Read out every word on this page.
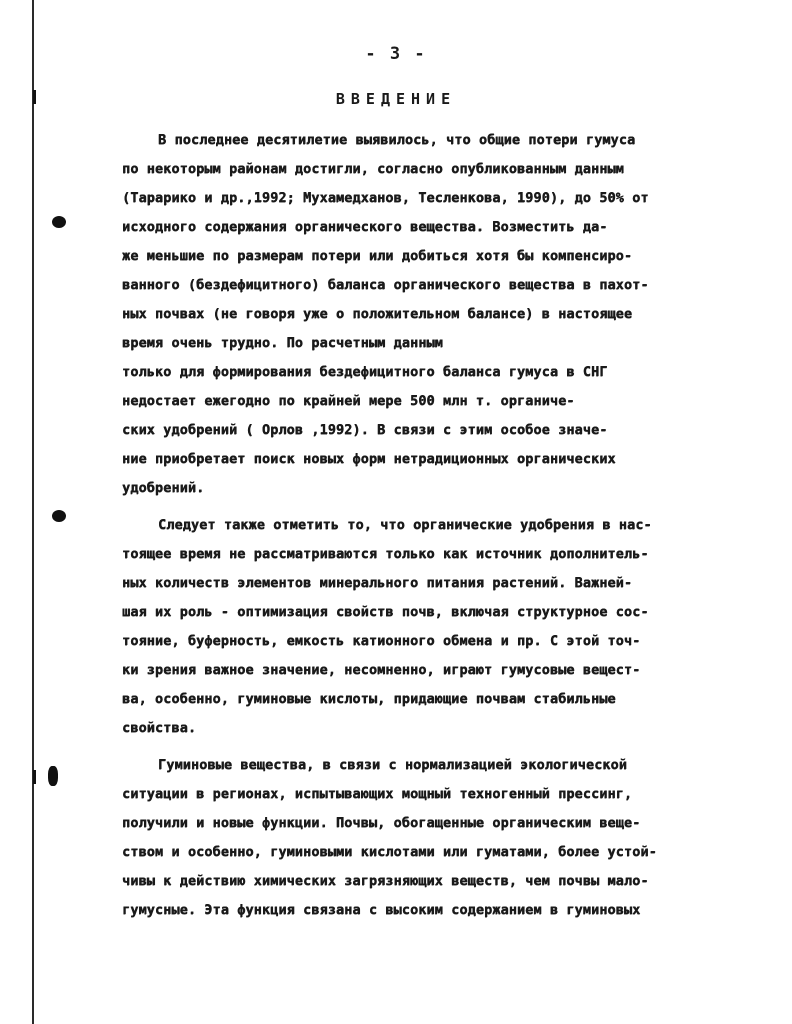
- 3 -
ВВЕДЕНИЕ
В последнее десятилетие выявилось, что общие потери гумуса
по некоторым районам достигли, согласно опубликованным данным
(Тарарико и др.,1992; Мухамедханов, Тесленкова, 1990), до 50% от
исходного содержания органического вещества. Возместить да-
же меньшие по размерам потери или добиться хотя бы компенсиро-
ванного (бездефицитного) баланса органического вещества в пахот-
ных почвах (не говоря уже о положительном балансе) в настоящее
время очень трудно. По расчетным данным
только для формирования бездефицитного баланса гумуса в СНГ
недостает ежегодно по крайней мере 500 млн т. органиче-
ских удобрений ( Орлов ,1992). В связи с этим особое значе-
ние приобретает поиск новых форм нетрадиционных органических
удобрений.
Следует также отметить то, что органические удобрения в нас-
тоящее время не рассматриваются только как источник дополнитель-
ных количеств элементов минерального питания растений. Важней-
шая их роль - оптимизация свойств почв, включая структурное сос-
тояние, буферность, емкость катионного обмена и пр. С этой точ-
ки зрения важное значение, несомненно, играют гумусовые вещест-
ва, особенно, гуминовые кислоты, придающие почвам стабильные
свойства.
Гуминовые вещества, в связи с нормализацией экологической
ситуации в регионах, испытывающих мощный техногенный прессинг,
получили и новые функции. Почвы, обогащенные органическим веще-
ством и особенно, гуминовыми кислотами или гуматами, более устой-
чивы к действию химических загрязняющих веществ, чем почвы мало-
гумусные. Эта функция связана с высоким содержанием в гуминовых
